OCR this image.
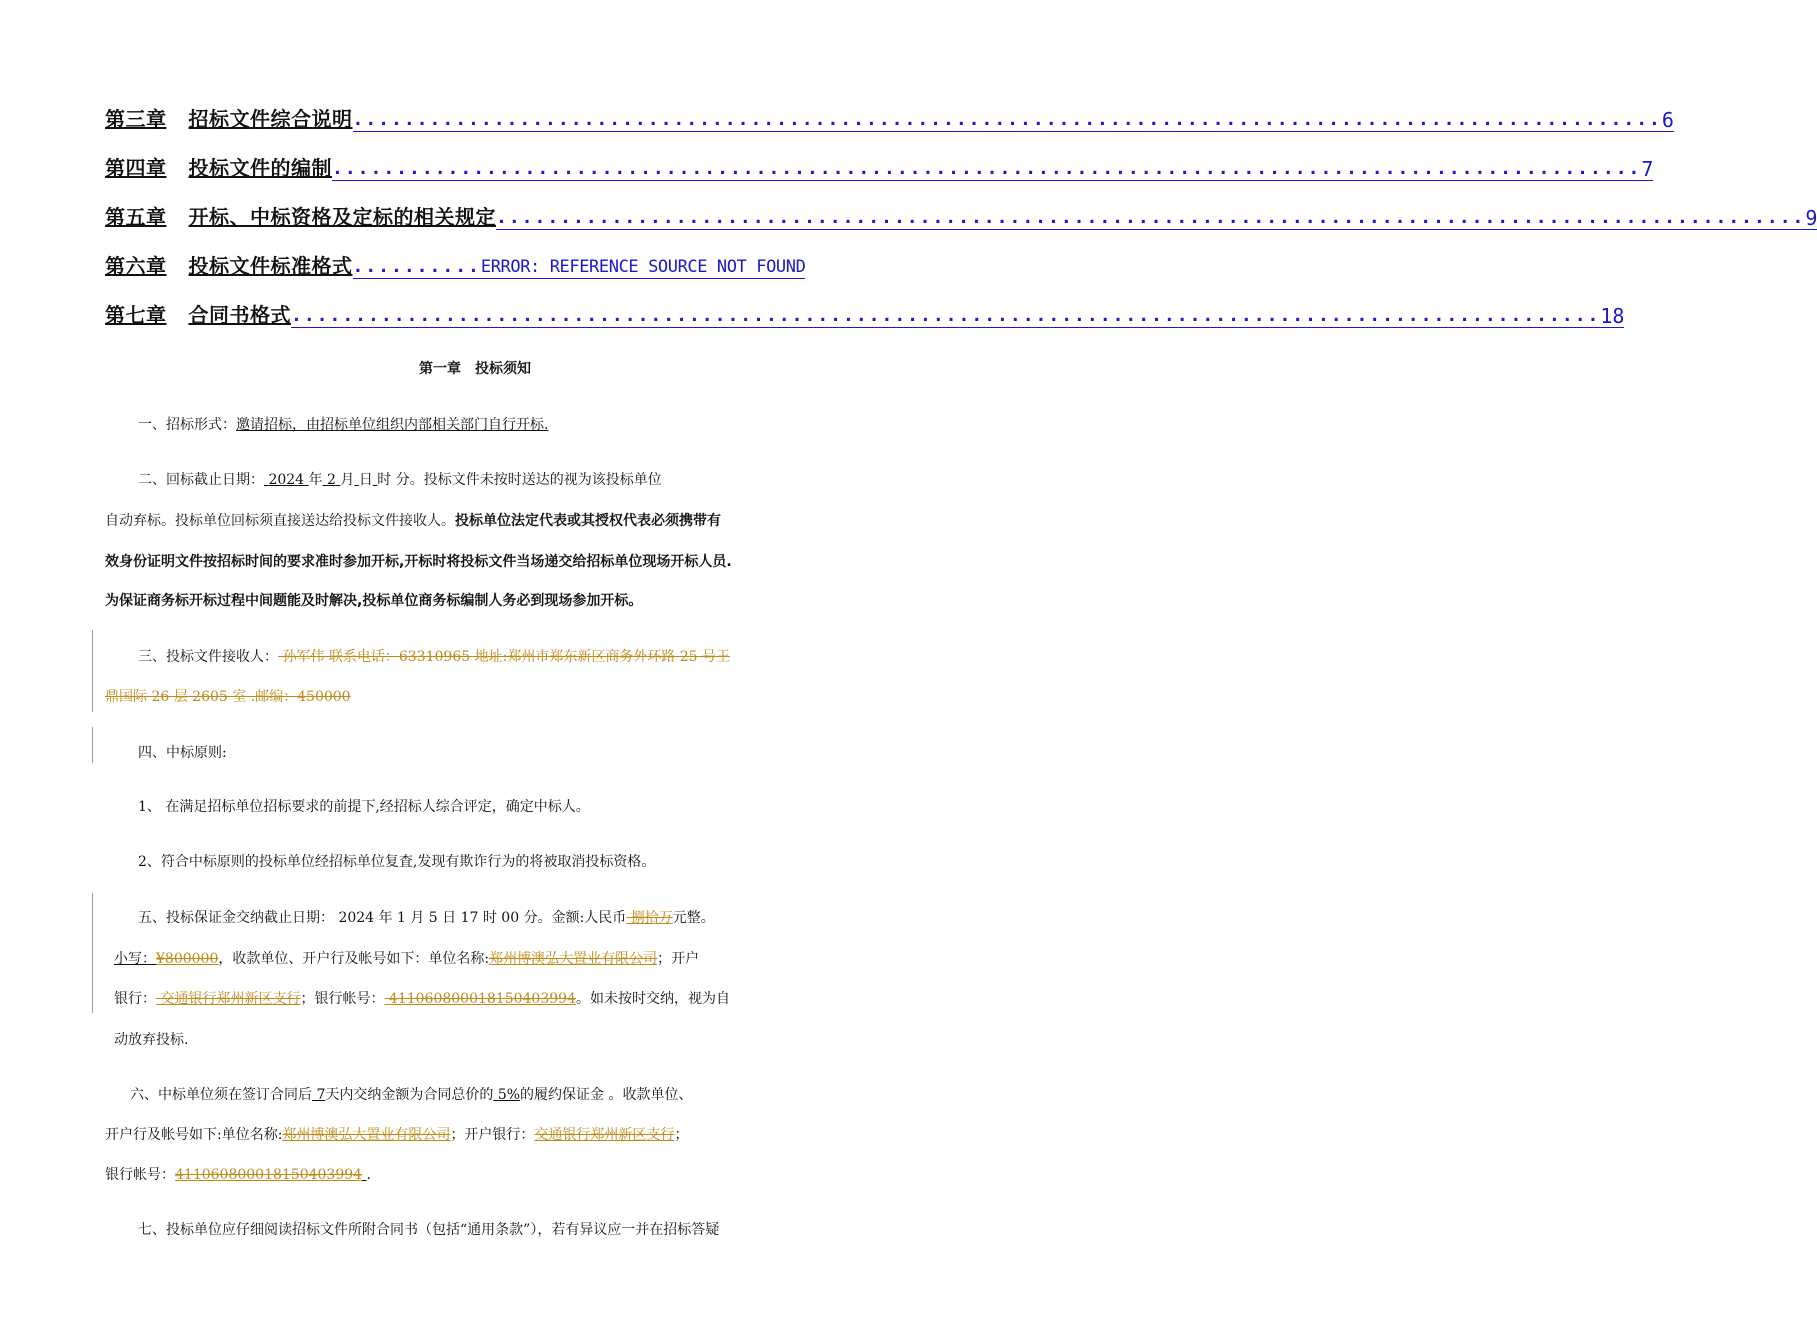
第三章 招标文件综合说明 ...................................................................................................... 6
第四章 投标文件的编制 ...................................................................................................... 7
第五章 开标、中标资格及定标的相关规定 ...................................................................................................... 9
第六章 投标文件标准格式 .......... ERROR: REFERENCE SOURCE NOT FOUND
第七章 合同书格式 ...................................................................................................... 18
第一章 投标须知
一、招标形式：邀请招标，由招标单位组织内部相关部门自行开标.
二、回标截止日期： 2024 年 2 月 日 时 分。投标文件未按时送达的视为该投标单位
自动弃标。投标单位回标须直接送达给投标文件接收人。投标单位法定代表或其授权代表必须携带有
效身份证明文件按招标时间的要求准时参加开标,开标时将投标文件当场递交给招标单位现场开标人员.
为保证商务标开标过程中间题能及时解决,投标单位商务标编制人务必到现场参加开标。
三、投标文件接收人： 孙军伟 联系电话：63310965 地址:郑州市郑东新区商务外环路 25 号王
鼎国际 26 层 2605 室 .邮编：450000
四、中标原则:
1、 在满足招标单位招标要求的前提下,经招标人综合评定，确定中标人。
2、符合中标原则的投标单位经招标单位复査,发现有欺诈行为的将被取消投标资格。
五、投标保证金交纳截止日期： 2024 年 1 月 5 日 17 时 00 分。金额:人民币 捌拾万元整。
小写：¥800000，收款单位、开户行及帐号如下：单位名称:郑州博澳弘大置业有限公司；开户
银行： 交通银行郑州新区支行；银行帐号： 411060800018150403994。如未按时交纳，视为自
动放弃投标.
六、中标单位须在签订合同后 7天内交纳金额为合同总价的 5%的履约保证金 。收款单位、
开户行及帐号如下:单位名称:郑州博澳弘大置业有限公司；开户银行：交通银行郑州新区支行；
银行帐号：411060800018150403994 .
七、投标单位应仔细阅读招标文件所附合同书（包括“通用条款”），若有异议应一并在招标答疑
